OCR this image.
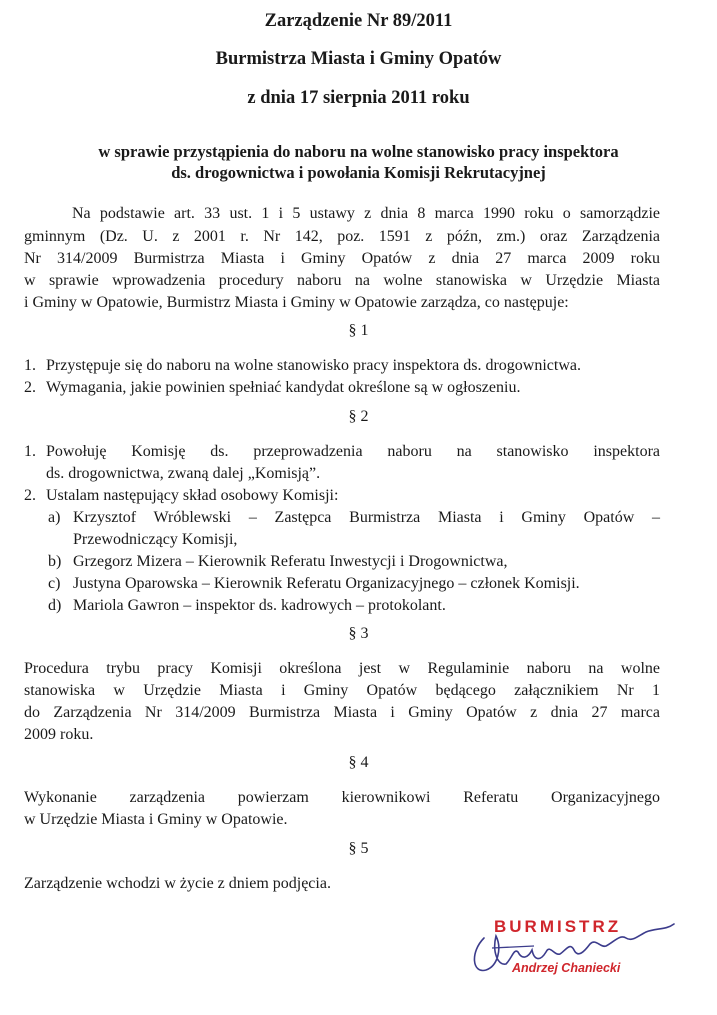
Zarządzenie Nr 89/2011
Burmistrza Miasta i Gminy Opatów
z dnia 17 sierpnia 2011 roku
w sprawie przystąpienia do naboru na wolne stanowisko pracy inspektora
ds. drogownictwa i powołania Komisji Rekrutacyjnej
Na podstawie art. 33 ust. 1 i 5 ustawy z dnia 8 marca 1990 roku o samorządzie
gminnym (Dz. U. z 2001 r. Nr 142, poz. 1591 z późn, zm.) oraz Zarządzenia
Nr 314/2009 Burmistrza Miasta i Gminy Opatów z dnia 27 marca 2009 roku
w sprawie wprowadzenia procedury naboru na wolne stanowiska w Urzędzie Miasta
i Gminy w Opatowie, Burmistrz Miasta i Gminy w Opatowie zarządza, co następuje:
§ 1
1. Przystępuje się do naboru na wolne stanowisko pracy inspektora ds. drogownictwa.
2. Wymagania, jakie powinien spełniać kandydat określone są w ogłoszeniu.
§ 2
1. Powołuję Komisję ds. przeprowadzenia naboru na stanowisko inspektora
ds. drogownictwa, zwaną dalej „Komisją”.
2. Ustalam następujący skład osobowy Komisji:
a) Krzysztof Wróblewski – Zastępca Burmistrza Miasta i Gminy Opatów –
Przewodniczący Komisji,
b) Grzegorz Mizera – Kierownik Referatu Inwestycji i Drogownictwa,
c) Justyna Oparowska – Kierownik Referatu Organizacyjnego – członek Komisji.
d) Mariola Gawron – inspektor ds. kadrowych – protokolant.
§ 3
Procedura trybu pracy Komisji określona jest w Regulaminie naboru na wolne
stanowiska w Urzędzie Miasta i Gminy Opatów będącego załącznikiem Nr 1
do Zarządzenia Nr 314/2009 Burmistrza Miasta i Gminy Opatów z dnia 27 marca
2009 roku.
§ 4
Wykonanie zarządzenia powierzam kierownikowi Referatu Organizacyjnego
w Urzędzie Miasta i Gminy w Opatowie.
§ 5
Zarządzenie wchodzi w życie z dniem podjęcia.
BURMISTRZ
Andrzej Chaniecki
